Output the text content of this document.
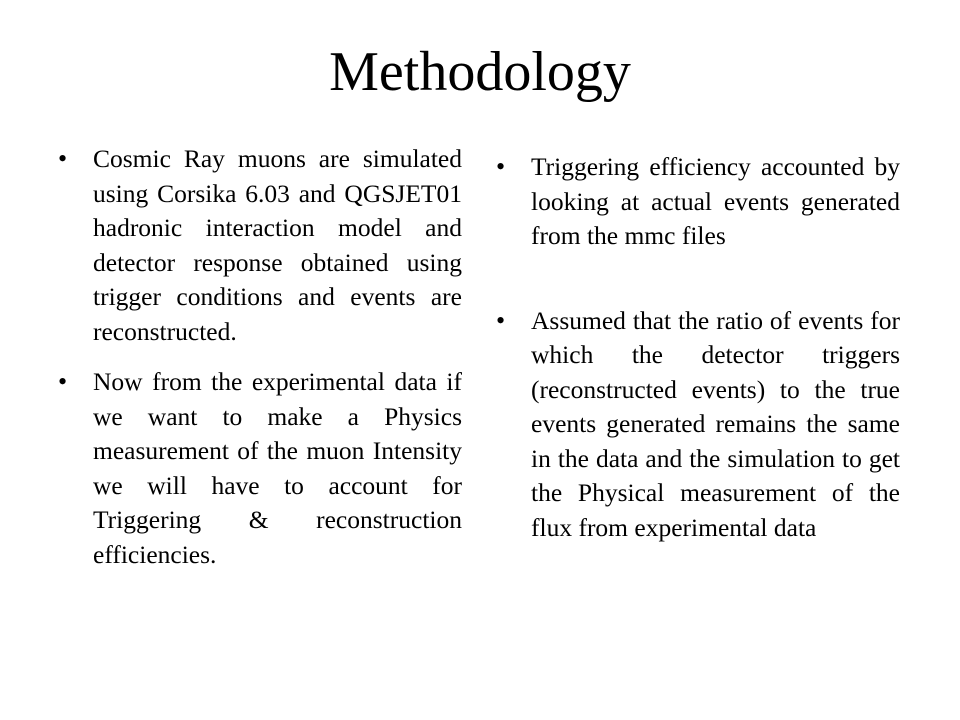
Methodology
• Cosmic Ray muons are simulated using Corsika 6.03 and QGSJET01 hadronic interaction model and detector response obtained using trigger conditions and events are reconstructed.
• Now from the experimental data if we want to make a Physics measurement of the muon Intensity we will have to account for Triggering & reconstruction efficiencies.
• Triggering efficiency accounted by looking at actual events generated from the mmc files
• Assumed that the ratio of events for which the detector triggers (reconstructed events) to the true events generated remains the same in the data and the simulation to get the Physical measurement of the flux from experimental data
